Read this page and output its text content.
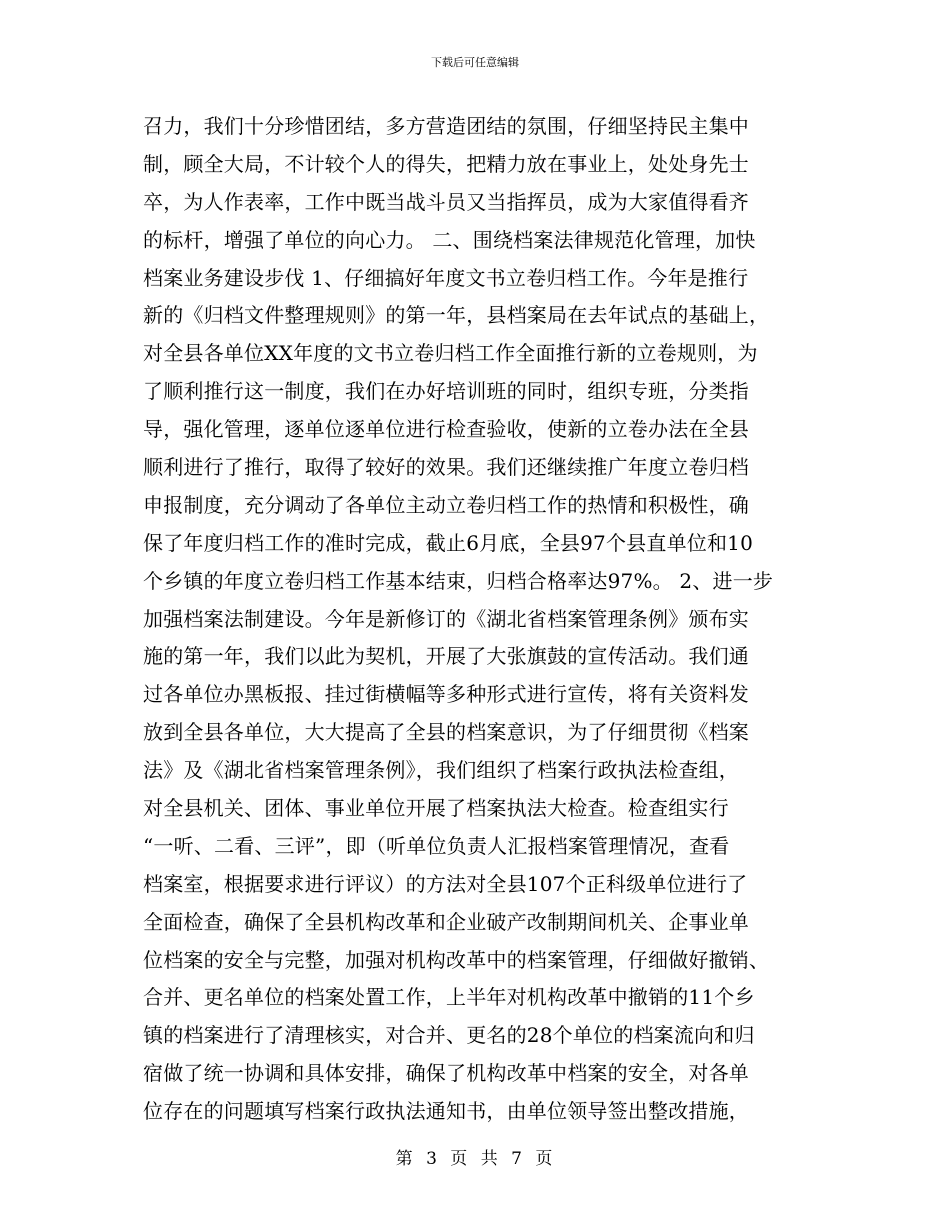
下载后可任意编辑
召力，我们十分珍惜团结，多方营造团结的氛围，仔细坚持民主集中
制，顾全大局，不计较个人的得失，把精力放在事业上，处处身先士
卒，为人作表率，工作中既当战斗员又当指挥员，成为大家值得看齐
的标杆，增强了单位的向心力。 二、围绕档案法律规范化管理，加快
档案业务建设步伐 1、仔细搞好年度文书立卷归档工作。今年是推行
新的《归档文件整理规则》的第一年，县档案局在去年试点的基础上，
对全县各单位XX年度的文书立卷归档工作全面推行新的立卷规则，为
了顺利推行这一制度，我们在办好培训班的同时，组织专班，分类指
导，强化管理，逐单位逐单位进行检查验收，使新的立卷办法在全县
顺利进行了推行，取得了较好的效果。我们还继续推广年度立卷归档
申报制度，充分调动了各单位主动立卷归档工作的热情和积极性，确
保了年度归档工作的准时完成，截止6月底，全县97个县直单位和10
个乡镇的年度立卷归档工作基本结束，归档合格率达97%。 2、进一步
加强档案法制建设。今年是新修订的《湖北省档案管理条例》颁布实
施的第一年，我们以此为契机，开展了大张旗鼓的宣传活动。我们通
过各单位办黑板报、挂过街横幅等多种形式进行宣传，将有关资料发
放到全县各单位，大大提高了全县的档案意识，为了仔细贯彻《档案
法》及《湖北省档案管理条例》，我们组织了档案行政执法检查组，
对全县机关、团体、事业单位开展了档案执法大检查。检查组实行
“一听、二看、三评”，即（听单位负责人汇报档案管理情况，查看
档案室，根据要求进行评议）的方法对全县107个正科级单位进行了
全面检查，确保了全县机构改革和企业破产改制期间机关、企事业单
位档案的安全与完整，加强对机构改革中的档案管理，仔细做好撤销、
合并、更名单位的档案处置工作，上半年对机构改革中撤销的11个乡
镇的档案进行了清理核实，对合并、更名的28个单位的档案流向和归
宿做了统一协调和具体安排，确保了机构改革中档案的安全，对各单
位存在的问题填写档案行政执法通知书，由单位领导签出整改措施，
第 3 页 共 7 页
